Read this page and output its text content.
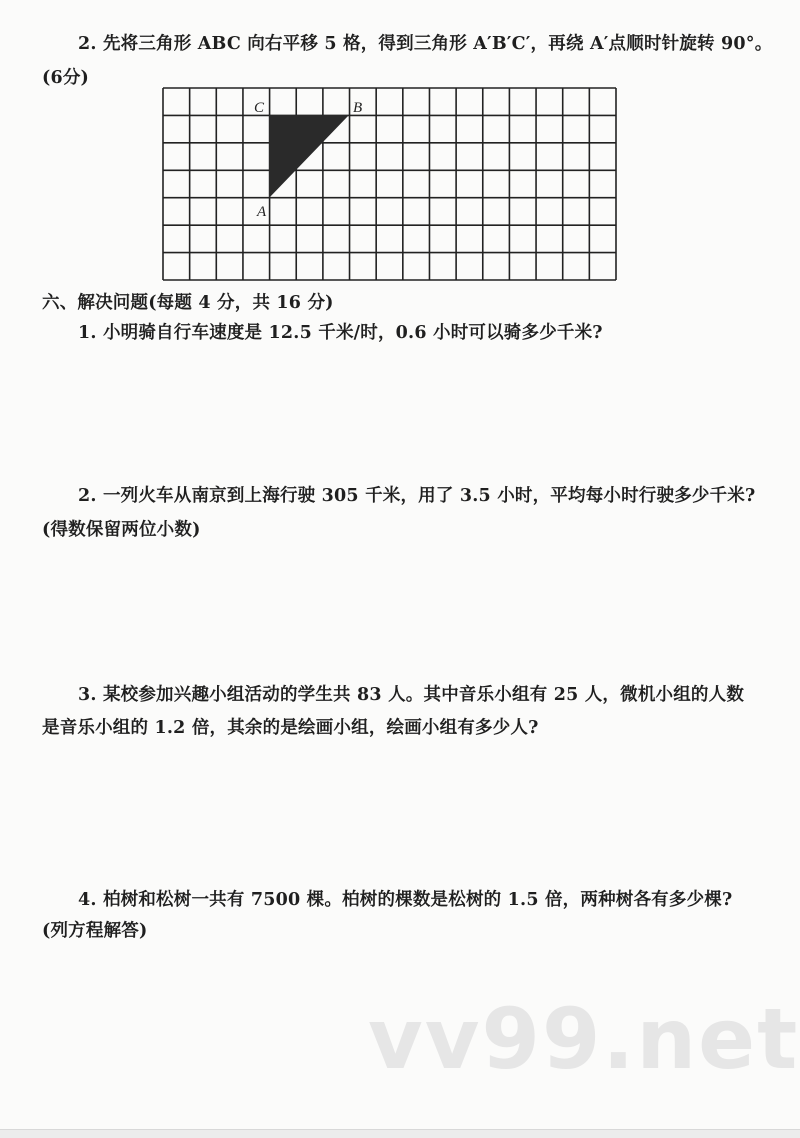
2. 先将三角形 ABC 向右平移 5 格，得到三角形 A′B′C′，再绕 A′点顺时针旋转 90°。
(6分)
C	B
A
六、解决问题(每题 4 分，共 16 分)
1. 小明骑自行车速度是 12.5 千米/时，0.6 小时可以骑多少千米?
2. 一列火车从南京到上海行驶 305 千米，用了 3.5 小时，平均每小时行驶多少千米?
(得数保留两位小数)
3. 某校参加兴趣小组活动的学生共 83 人。其中音乐小组有 25 人，微机小组的人数
是音乐小组的 1.2 倍，其余的是绘画小组，绘画小组有多少人?
4. 柏树和松树一共有 7500 棵。柏树的棵数是松树的 1.5 倍，两种树各有多少棵?
(列方程解答)
vv99.net
